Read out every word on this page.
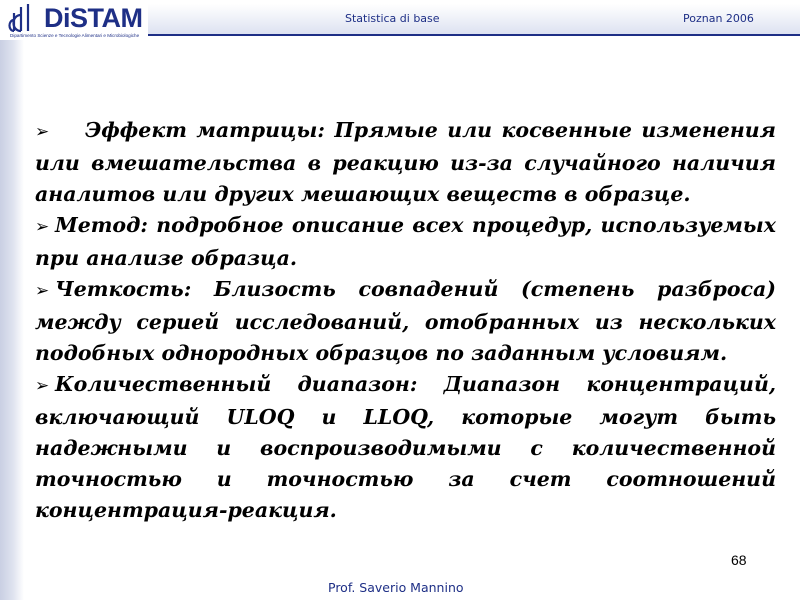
DiSTAM
Dipartimento Scienze e Tecnologie Alimentari e Microbiologiche
Statistica di base	Poznan 2006

➢ Эффект матрицы: Прямые или косвенные изменения или вмешательства в реакцию из-за случайного наличия аналитов или других мешающих веществ в образце.

➢ Метод: подробное описание всех процедур, используемых при анализе образца.

➢ Четкость: Близость совпадений (степень разброса) между серией исследований, отобранных из нескольких подобных однородных образцов по заданным условиям.

➢ Количественный диапазон: Диапазон концентраций, включающий ULOQ и LLOQ, которые могут быть надежными и воспроизводимыми с количественной точностью и точностью за счет соотношений концентрация-реакция.

68
Prof. Saverio Mannino
